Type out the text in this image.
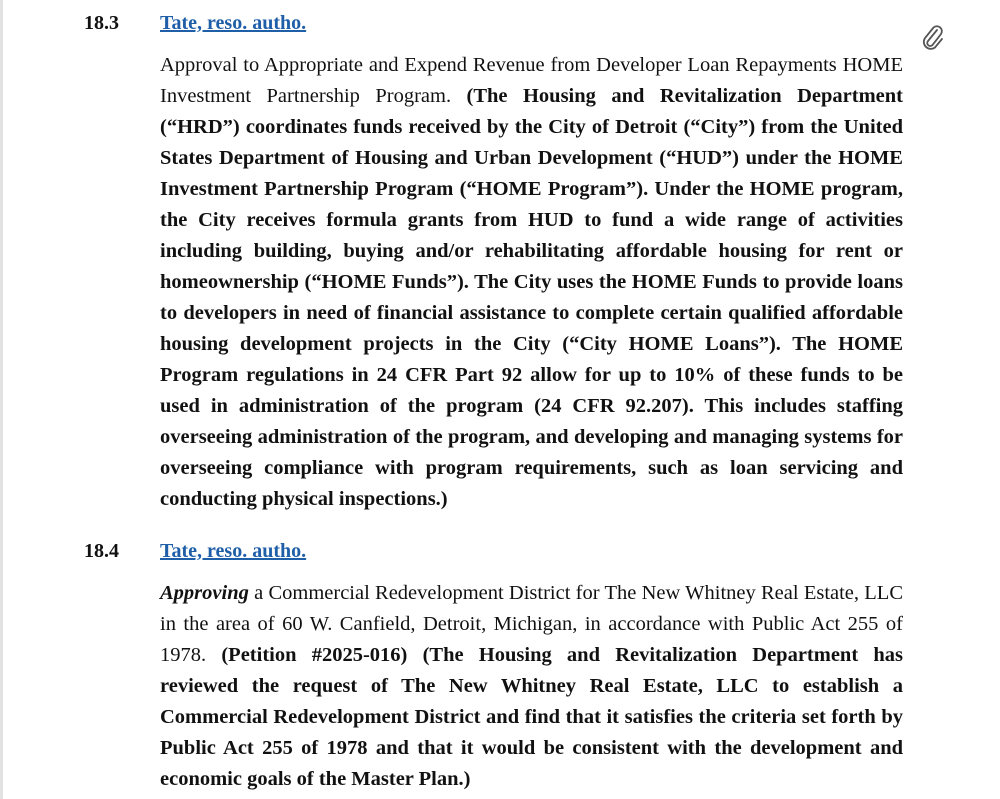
18.3 Tate, reso. autho.
Approval to Appropriate and Expend Revenue from Developer Loan Repayments HOME Investment Partnership Program. (The Housing and Revitalization Department (“HRD”) coordinates funds received by the City of Detroit (“City”) from the United States Department of Housing and Urban Development (“HUD”) under the HOME Investment Partnership Program (“HOME Program”). Under the HOME program, the City receives formula grants from HUD to fund a wide range of activities including building, buying and/or rehabilitating affordable housing for rent or homeownership (“HOME Funds”). The City uses the HOME Funds to provide loans to developers in need of financial assistance to complete certain qualified affordable housing development projects in the City (“City HOME Loans”). The HOME Program regulations in 24 CFR Part 92 allow for up to 10% of these funds to be used in administration of the program (24 CFR 92.207). This includes staffing overseeing administration of the program, and developing and managing systems for overseeing compliance with program requirements, such as loan servicing and conducting physical inspections.)
18.4 Tate, reso. autho.
Approving a Commercial Redevelopment District for The New Whitney Real Estate, LLC in the area of 60 W. Canfield, Detroit, Michigan, in accordance with Public Act 255 of 1978. (Petition #2025-016) (The Housing and Revitalization Department has reviewed the request of The New Whitney Real Estate, LLC to establish a Commercial Redevelopment District and find that it satisfies the criteria set forth by Public Act 255 of 1978 and that it would be consistent with the development and economic goals of the Master Plan.)
